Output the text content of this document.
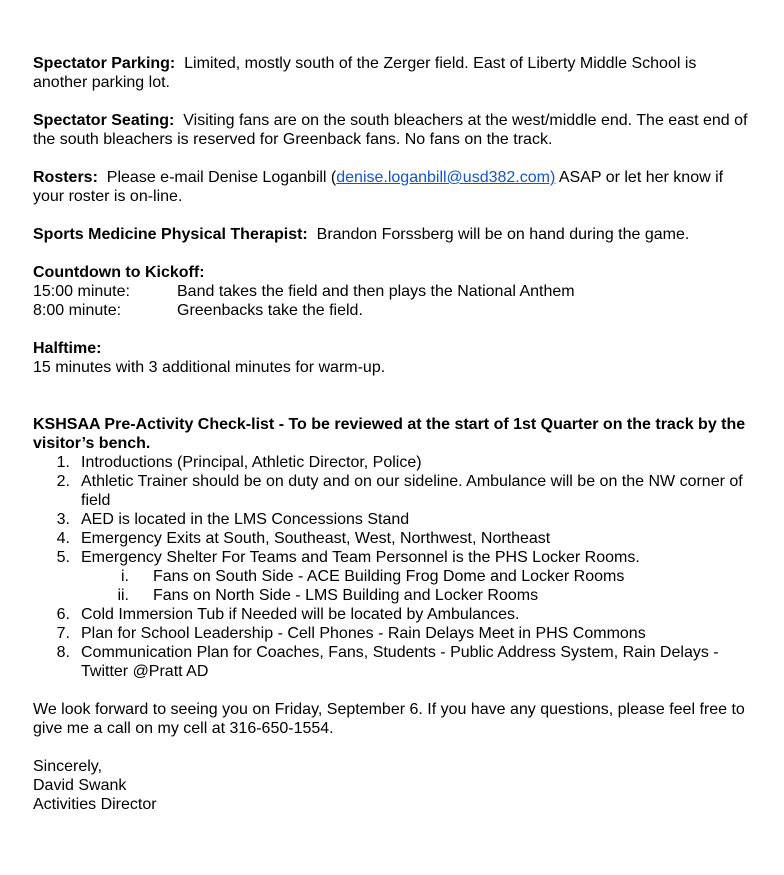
Spectator Parking: Limited, mostly south of the Zerger field. East of Liberty Middle School is another parking lot.

Spectator Seating: Visiting fans are on the south bleachers at the west/middle end. The east end of the south bleachers is reserved for Greenback fans. No fans on the track.

Rosters: Please e-mail Denise Loganbill (denise.loganbill@usd382.com) ASAP or let her know if your roster is on-line.

Sports Medicine Physical Therapist: Brandon Forssberg will be on hand during the game.

Countdown to Kickoff:
15:00 minute:	Band takes the field and then plays the National Anthem
8:00 minute:	Greenbacks take the field.
Halftime:
15 minutes with 3 additional minutes for warm-up.
KSHSAA Pre-Activity Check-list - To be reviewed at the start of 1st Quarter on the track by the visitor’s bench.
1. Introductions (Principal, Athletic Director, Police)
2. Athletic Trainer should be on duty and on our sideline. Ambulance will be on the NW corner of field
3. AED is located in the LMS Concessions Stand
4. Emergency Exits at South, Southeast, West, Northwest, Northeast
5. Emergency Shelter For Teams and Team Personnel is the PHS Locker Rooms.
i.	Fans on South Side - ACE Building Frog Dome and Locker Rooms
ii.	Fans on North Side - LMS Building and Locker Rooms
6. Cold Immersion Tub if Needed will be located by Ambulances.
7. Plan for School Leadership - Cell Phones - Rain Delays Meet in PHS Commons
8. Communication Plan for Coaches, Fans, Students - Public Address System, Rain Delays - Twitter @Pratt AD

We look forward to seeing you on Friday, September 6. If you have any questions, please feel free to give me a call on my cell at 316-650-1554.

Sincerely,
David Swank
Activities Director
